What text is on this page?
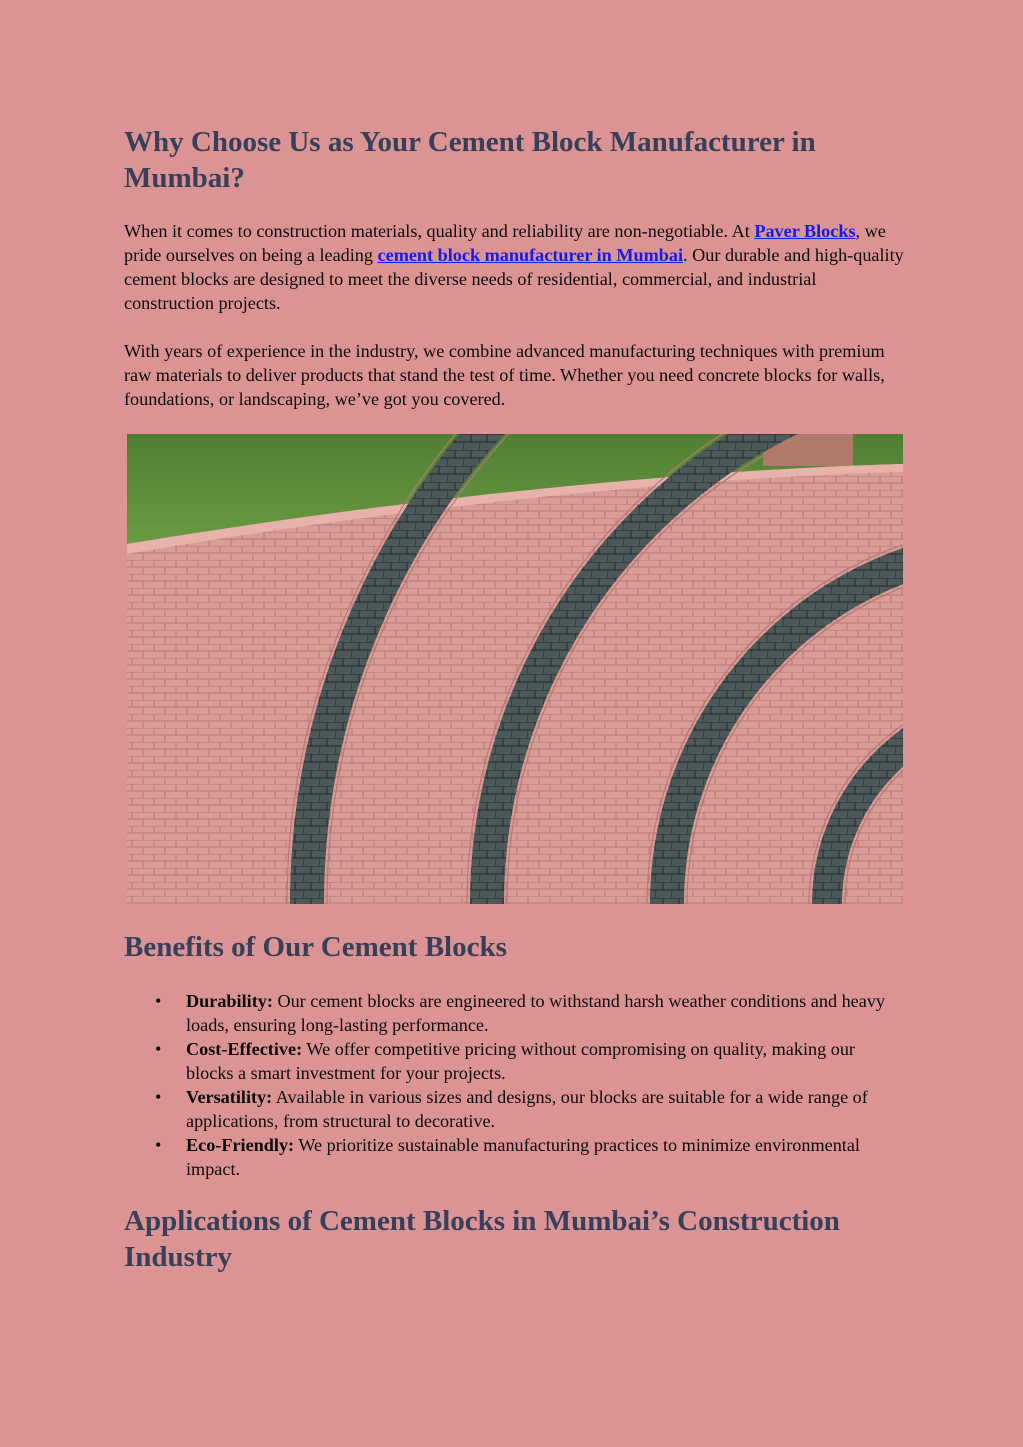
Why Choose Us as Your Cement Block Manufacturer in Mumbai?

When it comes to construction materials, quality and reliability are non-negotiable. At Paver Blocks, we pride ourselves on being a leading cement block manufacturer in Mumbai. Our durable and high-quality cement blocks are designed to meet the diverse needs of residential, commercial, and industrial construction projects.

With years of experience in the industry, we combine advanced manufacturing techniques with premium raw materials to deliver products that stand the test of time. Whether you need concrete blocks for walls, foundations, or landscaping, we’ve got you covered.

Benefits of Our Cement Blocks
• Durability: Our cement blocks are engineered to withstand harsh weather conditions and heavy loads, ensuring long-lasting performance.
• Cost-Effective: We offer competitive pricing without compromising on quality, making our blocks a smart investment for your projects.
• Versatility: Available in various sizes and designs, our blocks are suitable for a wide range of applications, from structural to decorative.
• Eco-Friendly: We prioritize sustainable manufacturing practices to minimize environmental impact.
Applications of Cement Blocks in Mumbai’s Construction Industry
